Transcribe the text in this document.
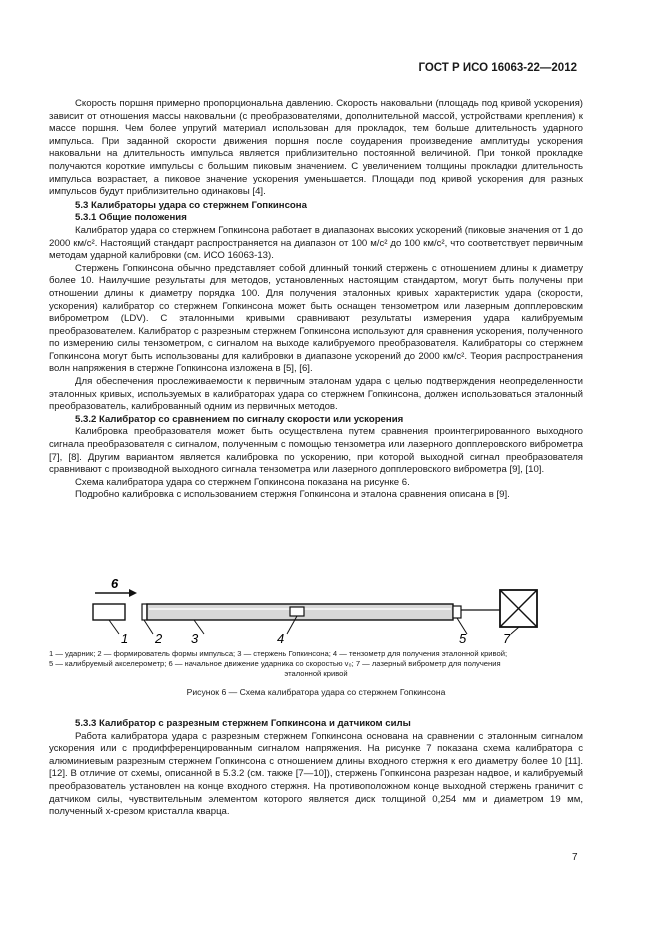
ГОСТ Р ИСО 16063-22—2012

Скорость поршня примерно пропорциональна давлению. Скорость наковальни (площадь под кривой ускорения) зависит от отношения массы наковальни (с преобразователями, дополнительной массой, устройствами крепления) к массе поршня. Чем более упругий материал использован для прокладок, тем больше длительность ударного импульса. При заданной скорости движения поршня после соударения произведение амплитуды ускорения наковальни на длительность импульса является приблизительно постоянной величиной. При тонкой прокладке получаются короткие импульсы с большим пиковым значением. С увеличением толщины прокладки длительность импульса возрастает, а пиковое значение ускорения уменьшается. Площади под кривой ускорения для разных импульсов будут приблизительно одинаковы [4].

5.3 Калибраторы удара со стержнем Гопкинсона
5.3.1 Общие положения

Калибратор удара со стержнем Гопкинсона работает в диапазонах высоких ускорений (пиковые значения от 1 до 2000 км/с². Настоящий стандарт распространяется на диапазон от 100 м/с² до 100 км/с², что соответствует первичным методам ударной калибровки (см. ИСО 16063-13).

Стержень Гопкинсона обычно представляет собой длинный тонкий стержень с отношением длины к диаметру более 10. Наилучшие результаты для методов, установленных настоящим стандартом, могут быть получены при отношении длины к диаметру порядка 100. Для получения эталонных кривых характеристик удара (скорости, ускорения) калибратор со стержнем Гопкинсона может быть оснащен тензометром или лазерным допплеровским виброметром (LDV). С эталонными кривыми сравнивают результаты измерения удара калибруемым преобразователем. Калибратор с разрезным стержнем Гопкинсона используют для сравнения ускорения, полученного по измерению силы тензометром, с сигналом на выходе калибруемого преобразователя. Калибраторы со стержнем Гопкинсона могут быть использованы для калибровки в диапазоне ускорений до 2000 км/с². Теория распространения волн напряжения в стержне Гопкинсона изложена в [5], [6].

Для обеспечения прослеживаемости к первичным эталонам удара с целью подтверждения неопределенности эталонных кривых, используемых в калибраторах удара со стержнем Гопкинсона, должен использоваться эталонный преобразователь, калиброванный одним из первичных методов.

5.3.2 Калибратор со сравнением по сигналу скорости или ускорения

Калибровка преобразователя может быть осуществлена путем сравнения проинтегрированного выходного сигнала преобразователя с сигналом, полученным с помощью тензометра или лазерного допплеровского виброметра [7], [8]. Другим вариантом является калибровка по ускорению, при которой выходной сигнал преобразователя сравнивают с производной выходного сигнала тензометра или лазерного допплеровского виброметра [9], [10].

Схема калибратора удара со стержнем Гопкинсона показана на рисунке 6.

Подробно калибровка с использованием стержня Гопкинсона и эталона сравнения описана в [9].

6
1 2 3	4	5	7
1 — ударник; 2 — формирователь формы импульса; 3 — стержень Гопкинсона; 4 — тензометр для получения эталонной кривой;
5 — калибруемый акселерометр; 6 — начальное движение ударника со скоростью v₀; 7 — лазерный виброметр для получения
эталонной кривой
Рисунок 6 — Схема калибратора удара со стержнем Гопкинсона
5.3.3 Калибратор с разрезным стержнем Гопкинсона и датчиком силы

Работа калибратора удара с разрезным стержнем Гопкинсона основана на сравнении с эталонным сигналом ускорения или с продифференцированным сигналом напряжения. На рисунке 7 показана схема калибратора с алюминиевым разрезным стержнем Гопкинсона с отношением длины входного стержня к его диаметру более 10 [11]. [12]. В отличие от схемы, описанной в 5.3.2 (см. также [7—10]), стержень Гопкинсона разрезан надвое, и калибруемый преобразователь установлен на конце входного стержня. На противоположном конце выходной стержень граничит с датчиком силы, чувствительным элементом которого является диск толщиной 0,254 мм и диаметром 19 мм, полученный х-срезом кристалла кварца.

7
